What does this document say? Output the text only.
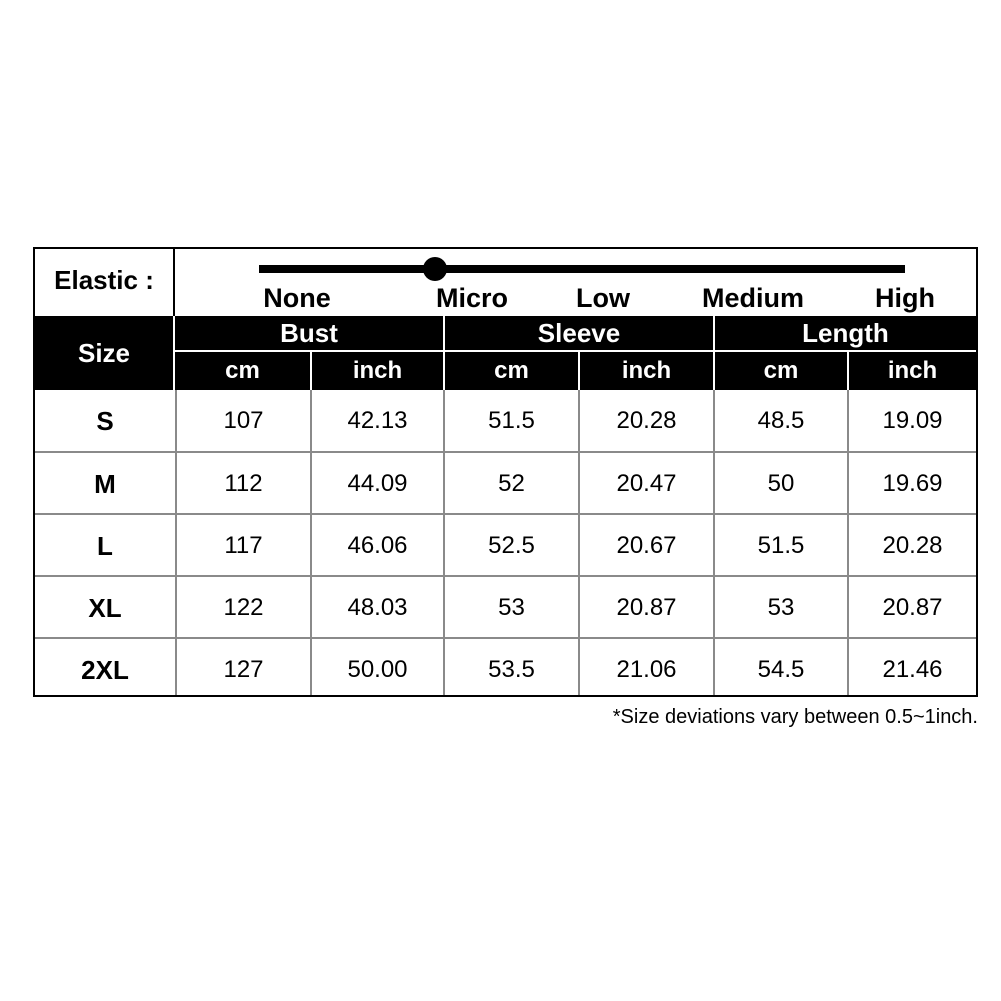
Elastic :
None	Micro	Low	Medium	High
Size
Bust	Sleeve	Length
cm	inch	cm	inch	cm	inch
S	107	42.13	51.5	20.28	48.5	19.09
M	112	44.09	52	20.47	50	19.69
L	117	46.06	52.5	20.67	51.5	20.28
XL	122	48.03	53	20.87	53	20.87
2XL	127	50.00	53.5	21.06	54.5	21.46
*Size deviations vary between 0.5~1inch.
